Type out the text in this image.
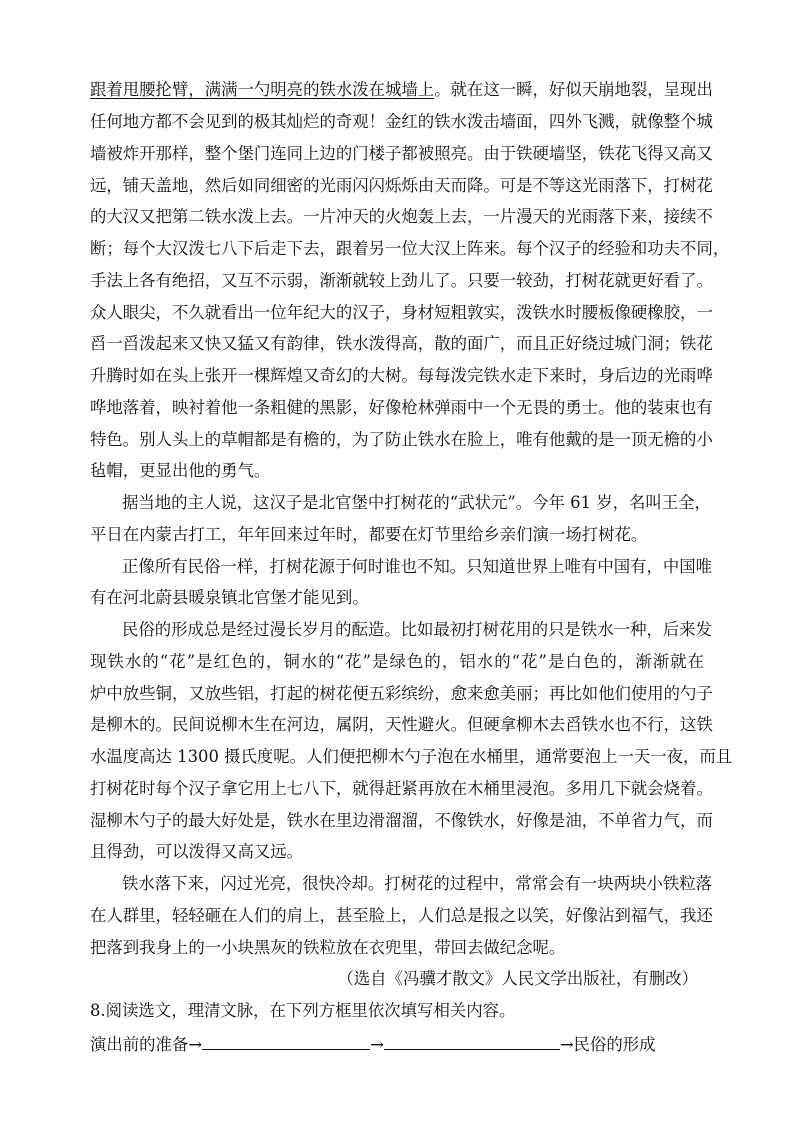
跟着甩腰抡臂，满满一勺明亮的铁水泼在城墙上。就在这一瞬，好似天崩地裂，呈现出
任何地方都不会见到的极其灿烂的奇观！金红的铁水泼击墙面，四外飞溅，就像整个城
墙被炸开那样，整个堡门连同上边的门楼子都被照亮。由于铁硬墙坚，铁花飞得又高又
远，铺天盖地，然后如同细密的光雨闪闪烁烁由天而降。可是不等这光雨落下，打树花
的大汉又把第二铁水泼上去。一片冲天的火炮轰上去，一片漫天的光雨落下来，接续不
断；每个大汉泼七八下后走下去，跟着另一位大汉上阵来。每个汉子的经验和功夫不同，
手法上各有绝招，又互不示弱，渐渐就较上劲儿了。只要一较劲，打树花就更好看了。
众人眼尖，不久就看出一位年纪大的汉子，身材短粗敦实，泼铁水时腰板像硬橡胶，一
舀一舀泼起来又快又猛又有韵律，铁水泼得高，散的面广，而且正好绕过城门洞；铁花
升腾时如在头上张开一棵辉煌又奇幻的大树。每每泼完铁水走下来时，身后边的光雨哗
哗地落着，映衬着他一条粗健的黑影，好像枪林弹雨中一个无畏的勇士。他的装束也有
特色。别人头上的草帽都是有檐的，为了防止铁水在脸上，唯有他戴的是一顶无檐的小
毡帽，更显出他的勇气。
据当地的主人说，这汉子是北官堡中打树花的“武状元”。今年 61 岁，名叫王全，
平日在内蒙古打工，年年回来过年时，都要在灯节里给乡亲们演一场打树花。
正像所有民俗一样，打树花源于何时谁也不知。只知道世界上唯有中国有，中国唯
有在河北蔚县暖泉镇北官堡才能见到。
民俗的形成总是经过漫长岁月的酝造。比如最初打树花用的只是铁水一种，后来发
现铁水的“花”是红色的，铜水的“花”是绿色的，铝水的“花”是白色的，渐渐就在
炉中放些铜，又放些铝，打起的树花便五彩缤纷，愈来愈美丽；再比如他们使用的勺子
是柳木的。民间说柳木生在河边，属阴，天性避火。但硬拿柳木去舀铁水也不行，这铁
水温度高达 1300 摄氏度呢。人们便把柳木勺子泡在水桶里，通常要泡上一天一夜，而且
打树花时每个汉子拿它用上七八下，就得赶紧再放在木桶里浸泡。多用几下就会烧着。
湿柳木勺子的最大好处是，铁水在里边滑溜溜，不像铁水，好像是油，不单省力气，而
且得劲，可以泼得又高又远。
铁水落下来，闪过光亮，很快冷却。打树花的过程中，常常会有一块两块小铁粒落
在人群里，轻轻砸在人们的肩上，甚至脸上，人们总是报之以笑，好像沾到福气，我还
把落到我身上的一小块黑灰的铁粒放在衣兜里，带回去做纪念呢。
（选自《冯骥才散文》人民文学出版社，有删改）
8.阅读选文，理清文脉，在下列方框里依次填写相关内容。
演出前的准备→	→	→民俗的形成
